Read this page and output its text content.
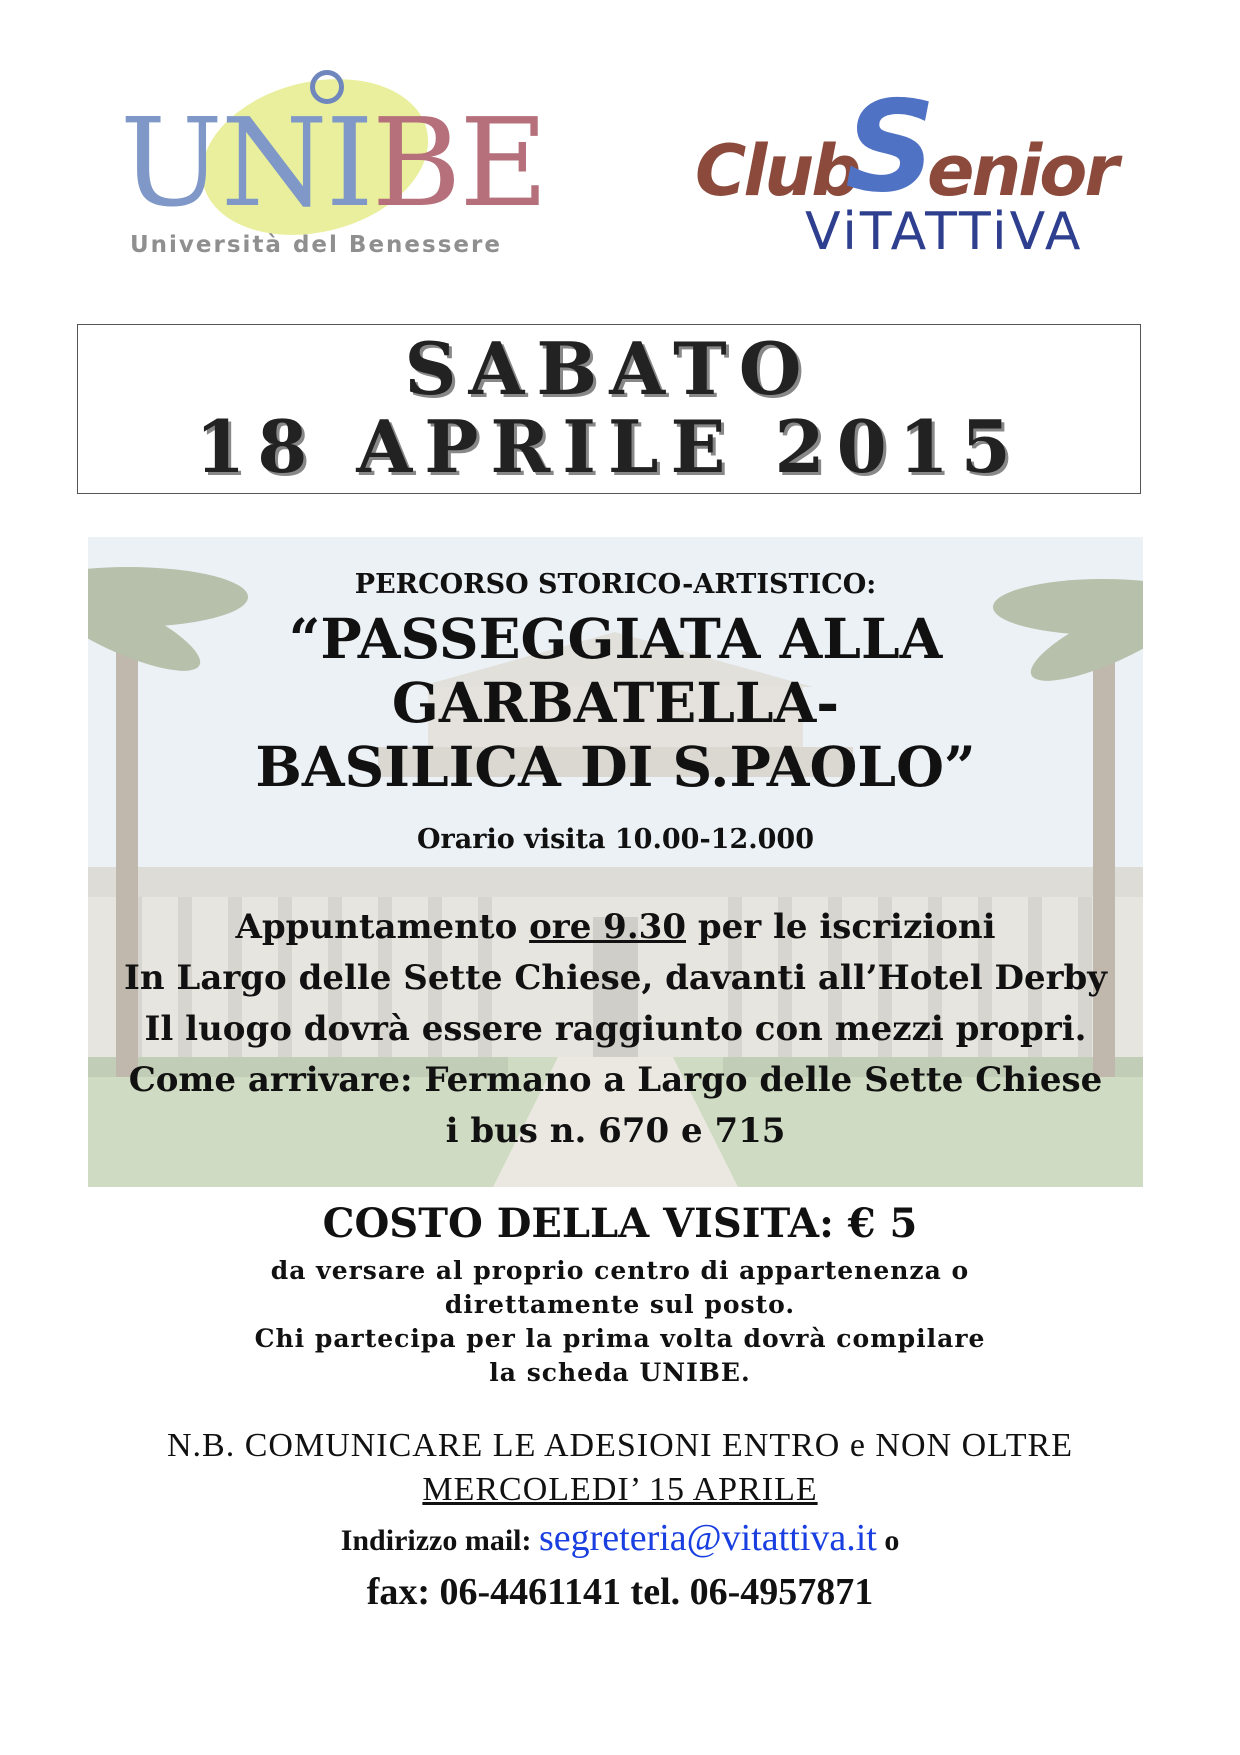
UNIBE
Università del Benessere
Club
S
enior
ViTATTiVA
SABATO
18 APRILE 2015
PERCORSO STORICO-ARTISTICO:
“PASSEGGIATA ALLA
GARBATELLA-
BASILICA DI S.PAOLO”
Orario visita 10.00-12.000
Appuntamento ore 9.30 per le iscrizioni
In Largo delle Sette Chiese, davanti all’Hotel Derby
Il luogo dovrà essere raggiunto con mezzi propri.
Come arrivare: Fermano a Largo delle Sette Chiese
i bus n. 670 e 715
COSTO DELLA VISITA: € 5
da versare al proprio centro di appartenenza o
direttamente sul posto.
Chi partecipa per la prima volta dovrà compilare
la scheda UNIBE.
N.B. COMUNICARE LE ADESIONI ENTRO e NON OLTRE
MERCOLEDI’ 15 APRILE
Indirizzo mail: segreteria@vitattiva.it o
fax: 06-4461141 tel. 06-4957871
